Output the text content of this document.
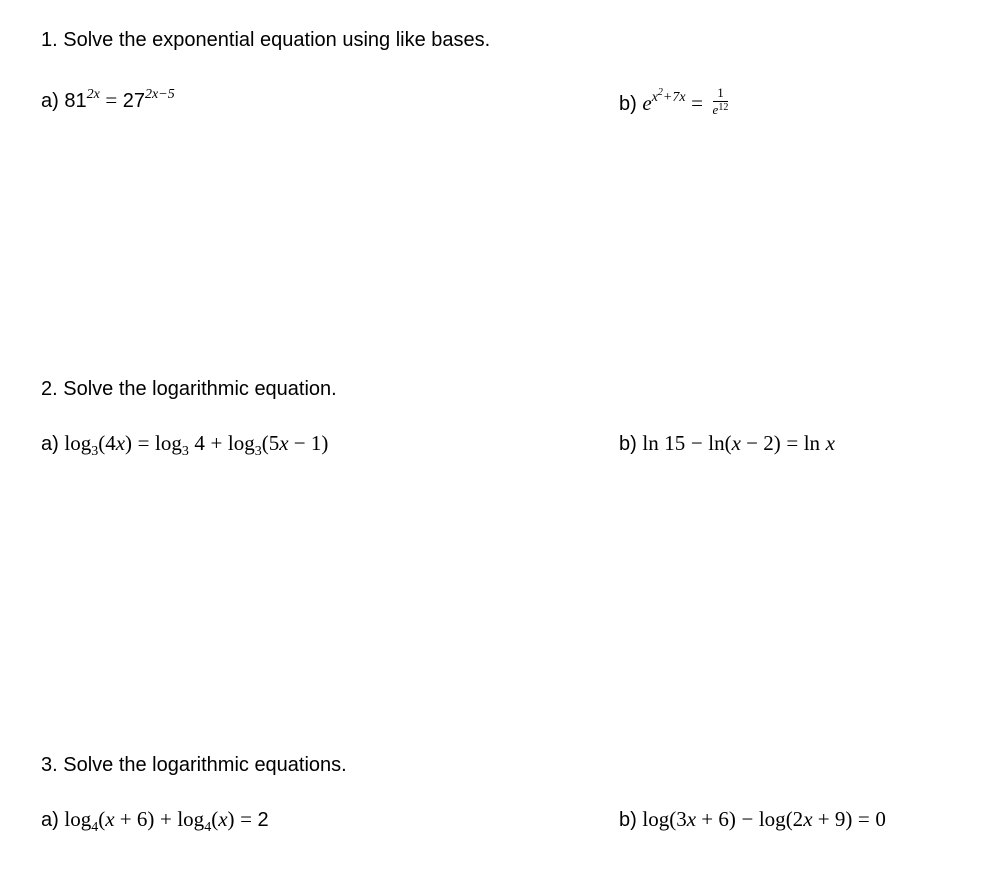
1. Solve the exponential equation using like bases.
a) $81^{2x} = 27^{2x-5}$	b) $e^{x^2+7x} = \frac{1}{e^{12}}$
2. Solve the logarithmic equation.
a) $\log_3(4x) = \log_3 4 + \log_3(5x - 1)$	b) ln 15 − ln(x − 2) = ln x
3. Solve the logarithmic equations.
a) $\log_4(x + 6) + \log_4(x) = 2$	b) log(3x + 6) − log(2x + 9) = 0
